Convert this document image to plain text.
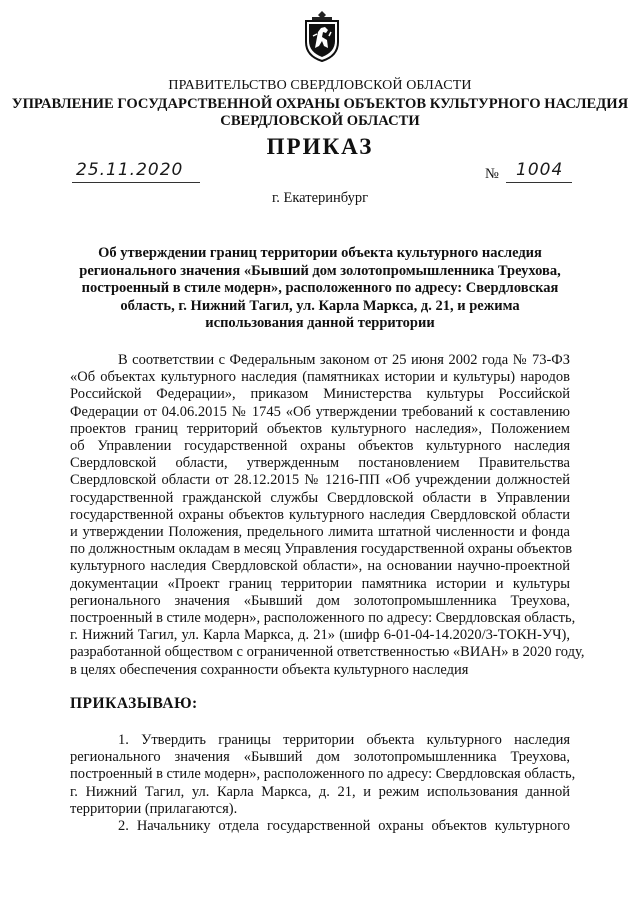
ПРАВИТЕЛЬСТВО СВЕРДЛОВСКОЙ ОБЛАСТИ
УПРАВЛЕНИЕ ГОСУДАРСТВЕННОЙ ОХРАНЫ ОБЪЕКТОВ КУЛЬТУРНОГО НАСЛЕДИЯ
СВЕРДЛОВСКОЙ ОБЛАСТИ
ПРИКАЗ
25.11.2020	№ 1004
г. Екатеринбург
Об утверждении границ территории объекта культурного наследия
регионального значения «Бывший дом золотопромышленника Треухова,
построенный в стиле модерн», расположенного по адресу: Свердловская
область, г. Нижний Тагил, ул. Карла Маркса, д. 21, и режима
использования данной территории
В соответствии с Федеральным законом от 25 июня 2002 года № 73-ФЗ
«Об объектах культурного наследия (памятниках истории и культуры) народов
Российской Федерации», приказом Министерства культуры Российской
Федерации от 04.06.2015 № 1745 «Об утверждении требований к составлению
проектов границ территорий объектов культурного наследия», Положением
об Управлении государственной охраны объектов культурного наследия
Свердловской области, утвержденным постановлением Правительства
Свердловской области от 28.12.2015 № 1216-ПП «Об учреждении должностей
государственной гражданской службы Свердловской области в Управлении
государственной охраны объектов культурного наследия Свердловской области
и утверждении Положения, предельного лимита штатной численности и фонда
по должностным окладам в месяц Управления государственной охраны объектов
культурного наследия Свердловской области», на основании научно-проектной
документации «Проект границ территории памятника истории и культуры
регионального значения «Бывший дом золотопромышленника Треухова,
построенный в стиле модерн», расположенного по адресу: Свердловская область,
г. Нижний Тагил, ул. Карла Маркса, д. 21» (шифр 6-01-04-14.2020/3-ТОКН-УЧ),
разработанной обществом с ограниченной ответственностью «ВИАН» в 2020 году,
в целях обеспечения сохранности объекта культурного наследия
ПРИКАЗЫВАЮ:
1. Утвердить границы территории объекта культурного наследия
регионального значения «Бывший дом золотопромышленника Треухова,
построенный в стиле модерн», расположенного по адресу: Свердловская область,
г. Нижний Тагил, ул. Карла Маркса, д. 21, и режим использования данной
территории (прилагаются).
2. Начальнику отдела государственной охраны объектов культурного
